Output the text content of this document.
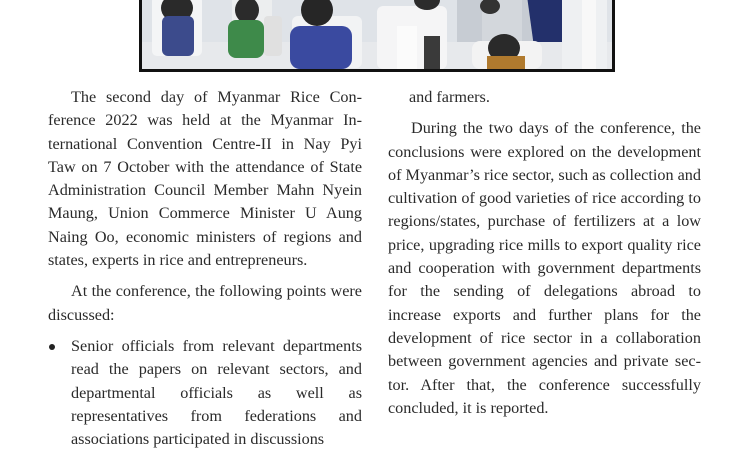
The second day of Myanmar Rice Conference 2022 was held at the Myanmar International Convention Centre-II in Nay Pyi Taw on 7 October with the attendance of State Administration Council Member Mahn Nyein Maung, Union Commerce Minister U Aung Naing Oo, economic ministers of regions and states, experts in rice and entrepreneurs.

At the conference, the following points were discussed:

Senior officials from relevant departments read the papers on relevant sectors, and departmental officials as well as representatives from federations and associations participated in discussions

and farmers.

During the two days of the conference, the conclusions were explored on the development of Myanmar’s rice sector, such as collection and cultivation of good varieties of rice according to regions/states, purchase of fertilizers at a low price, upgrading rice mills to export quality rice and cooperation with government departments for the sending of delegations abroad to increase exports and further plans for the development of rice sector in a collaboration between government agencies and private sector. After that, the conference successfully concluded, it is reported.
